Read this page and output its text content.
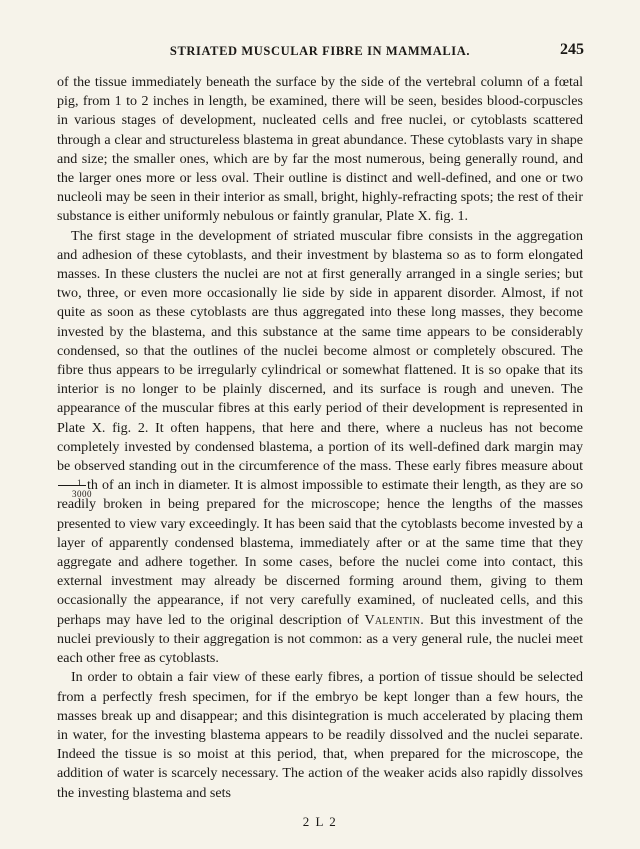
STRIATED MUSCULAR FIBRE IN MAMMALIA.	245

of the tissue immediately beneath the surface by the side of the vertebral column of a fœtal pig, from 1 to 2 inches in length, be examined, there will be seen, besides blood-corpuscles in various stages of development, nucleated cells and free nuclei, or cytoblasts scattered through a clear and structureless blastema in great abundance. These cytoblasts vary in shape and size; the smaller ones, which are by far the most numerous, being generally round, and the larger ones more or less oval. Their outline is distinct and well-defined, and one or two nucleoli may be seen in their interior as small, bright, highly-refracting spots; the rest of their substance is either uniformly nebulous or faintly granular, Plate X. fig. 1.

The first stage in the development of striated muscular fibre consists in the aggregation and adhesion of these cytoblasts, and their investment by blastema so as to form elongated masses. In these clusters the nuclei are not at first generally arranged in a single series; but two, three, or even more occasionally lie side by side in apparent disorder. Almost, if not quite as soon as these cytoblasts are thus aggregated into these long masses, they become invested by the blastema, and this substance at the same time appears to be considerably condensed, so that the outlines of the nuclei become almost or completely obscured. The fibre thus appears to be irregularly cylindrical or somewhat flattened. It is so opake that its interior is no longer to be plainly discerned, and its surface is rough and uneven. The appearance of the muscular fibres at this early period of their development is represented in Plate X. fig. 2. It often happens, that here and there, where a nucleus has not become completely invested by condensed blastema, a portion of its well-defined dark margin may be observed standing out in the circumference of the mass. These early fibres measure about
1
3000
th of an inch in diameter. It is almost impossible to estimate their length, as they are so readily broken in being prepared for the microscope; hence the lengths of the masses presented to view vary exceedingly. It has been said that the cytoblasts become invested by a layer of apparently condensed blastema, immediately after or at the same time that they aggregate and adhere together. In some cases, before the nuclei come into contact, this external investment may already be discerned forming around them, giving to them occasionally the appearance, if not very carefully examined, of nucleated cells, and this perhaps may have led to the original description of Valentin. But this investment of the nuclei previously to their aggregation is not common: as a very general rule, the nuclei meet each other free as cytoblasts.

In order to obtain a fair view of these early fibres, a portion of tissue should be selected from a perfectly fresh specimen, for if the embryo be kept longer than a few hours, the masses break up and disappear; and this disintegration is much accelerated by placing them in water, for the investing blastema appears to be readily dissolved and the nuclei separate. Indeed the tissue is so moist at this period, that, when prepared for the microscope, the addition of water is scarcely necessary. The action of the weaker acids also rapidly dissolves the investing blastema and sets

2 L 2
